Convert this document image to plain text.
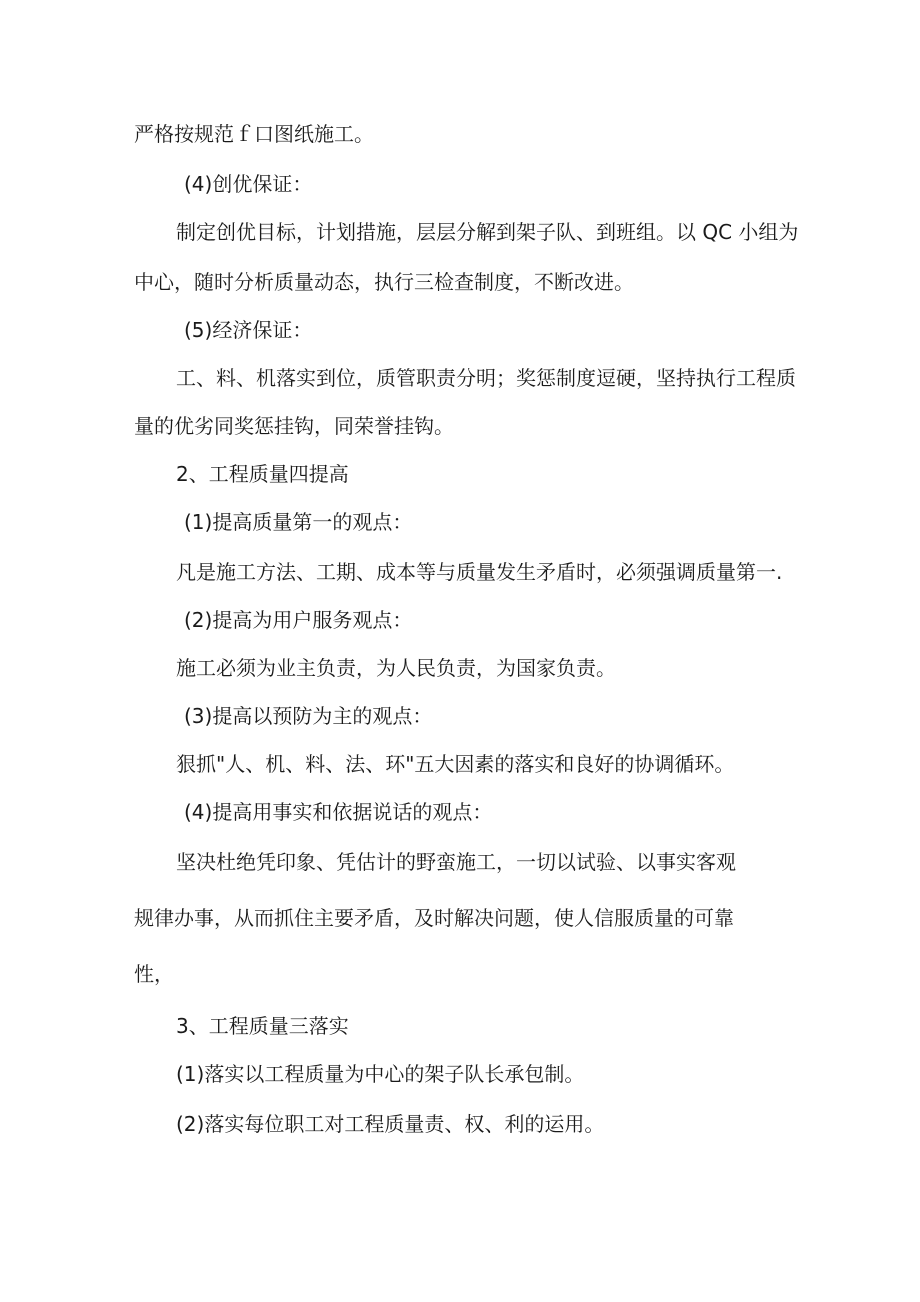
严格按规范ｆ口图纸施工。

(4)创优保证：

制定创优目标，计划措施，层层分解到架子队、到班组。以 QC 小组为

中心，随时分析质量动态，执行三检查制度，不断改进。

(5)经济保证：

工、料、机落实到位，质管职责分明；奖惩制度逗硬，坚持执行工程质

量的优劣同奖惩挂钩，同荣誉挂钩。

2、工程质量四提高

(1)提高质量第一的观点：

凡是施工方法、工期、成本等与质量发生矛盾时，必须强调质量第一.

(2)提高为用户服务观点：

施工必须为业主负责，为人民负责，为国家负责。

(3)提高以预防为主的观点：

狠抓"人、机、料、法、环"五大因素的落实和良好的协调循环。

(4)提高用事实和依据说话的观点：

坚决杜绝凭印象、凭估计的野蛮施工，一切以试验、以事实客观

规律办事，从而抓住主要矛盾，及时解决问题，使人信服质量的可靠

性，

3、工程质量三落实

(1)落实以工程质量为中心的架子队长承包制。

(2)落实每位职工对工程质量责、权、利的运用。
